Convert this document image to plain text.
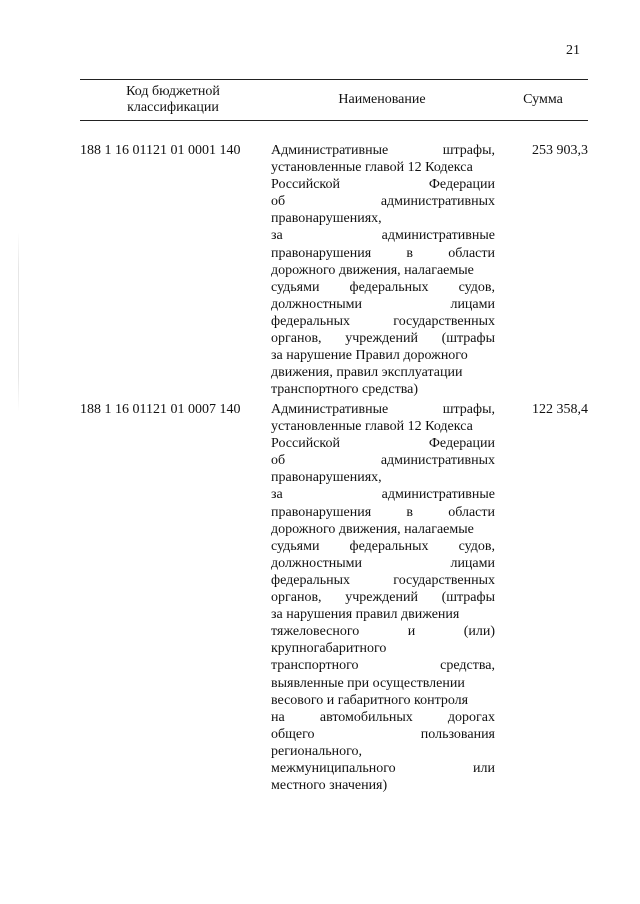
21
Код бюджетной
классификации
Наименование	Сумма
188 1 16 01121 01 0001 140 Административные штрафы,
установленные главой 12 Кодекса
Российской Федерации
об административных
правонарушениях,
за административные
правонарушения в области
дорожного движения, налагаемые
судьями федеральных судов,
должностными лицами
федеральных государственных
органов, учреждений (штрафы
за нарушение Правил дорожного
движения, правил эксплуатации
транспортного средства)
253 903,3
188 1 16 01121 01 0007 140 Административные штрафы,
установленные главой 12 Кодекса
Российской Федерации
об административных
правонарушениях,
за административные
правонарушения в области
дорожного движения, налагаемые
судьями федеральных судов,
должностными лицами
федеральных государственных
органов, учреждений (штрафы
за нарушения правил движения
тяжеловесного и (или)
крупногабаритного
транспортного средства,
выявленные при осуществлении
весового и габаритного контроля
на автомобильных дорогах
общего пользования
регионального,
межмуниципального или
местного значения)
122 358,4
